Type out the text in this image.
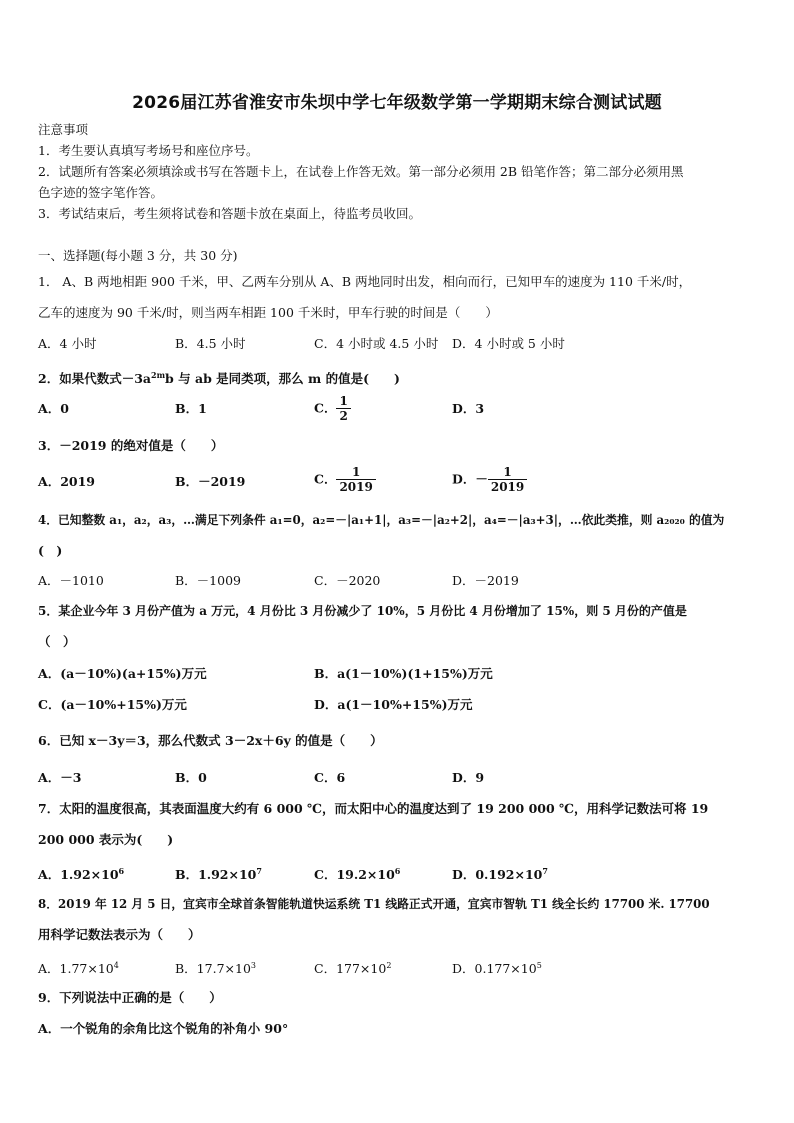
2026届江苏省淮安市朱坝中学七年级数学第一学期期末综合测试试题
注意事项
1．考生要认真填写考场号和座位序号。
2．试题所有答案必须填涂或书写在答题卡上，在试卷上作答无效。第一部分必须用 2B 铅笔作答；第二部分必须用黑
色字迹的签字笔作答。
3．考试结束后，考生须将试卷和答题卡放在桌面上，待监考员收回。
一、选择题(每小题 3 分，共 30 分)
1． A、B 两地相距 900 千米，甲、乙两车分别从 A、B 两地同时出发，相向而行，已知甲车的速度为 110 千米/时，
乙车的速度为 90 千米/时，则当两车相距 100 千米时，甲车行驶的时间是（　　）
A．4 小时	B．4.5 小时	C．4 小时或 4.5 小时 D．4 小时或 5 小时
2．如果代数式$-3a^{2m}b$ 与 ab 是同类项，那么 m 的值是(　　)
A．0	B．1	C． $\frac{1}{2}$	D．3
3．－2019 的绝对值是（　　）
A．2019	B．－2019	C． $\frac{1}{2019}$	D．－ $\frac{1}{2019}$
4．已知整数 a₁，a₂，a₃，…满足下列条件 a₁=0，a₂=－|a₁+1|，a₃=－|a₂+2|，a₄=－|a₃+3|，…依此类推，则 a₂₀₂₀ 的值为
(　)
A．－1010	B．－1009	C．－2020	D．－2019
5．某企业今年 3 月份产值为 a 万元，4 月份比 3 月份减少了 10%，5 月份比 4 月份增加了 15%，则 5 月份的产值是
（　）
A．(a－10%)(a+15%)万元	B．a(1－10%)(1+15%)万元
C．(a－10%+15%)万元	D．a(1－10%+15%)万元
6．已知 x－3y＝3，那么代数式 3－2x＋6y 的值是（　　）
A．－3	B．0	C．6	D．9
7．太阳的温度很高，其表面温度大约有 6 000 ℃，而太阳中心的温度达到了 19 200 000 ℃，用科学记数法可将 19
200 000 表示为(　　)
A．$1.92\times 10^6$	B．$1.92\times 10^7$	C．$19.2\times 10^6$	D．$0.192\times 10^7$
8．2019 年 12 月 5 日，宜宾市全球首条智能轨道快运系统 T1 线路正式开通，宜宾市智轨 T1 线全长约 17700 米. 17700
用科学记数法表示为（　　）
A．$1.77\times 10^4$	B．$17.7\times 10^3$	C．$177\times 10^2$	D．$0.177\times 10^5$
9．下列说法中正确的是（　　）
A．一个锐角的余角比这个锐角的补角小 90°
